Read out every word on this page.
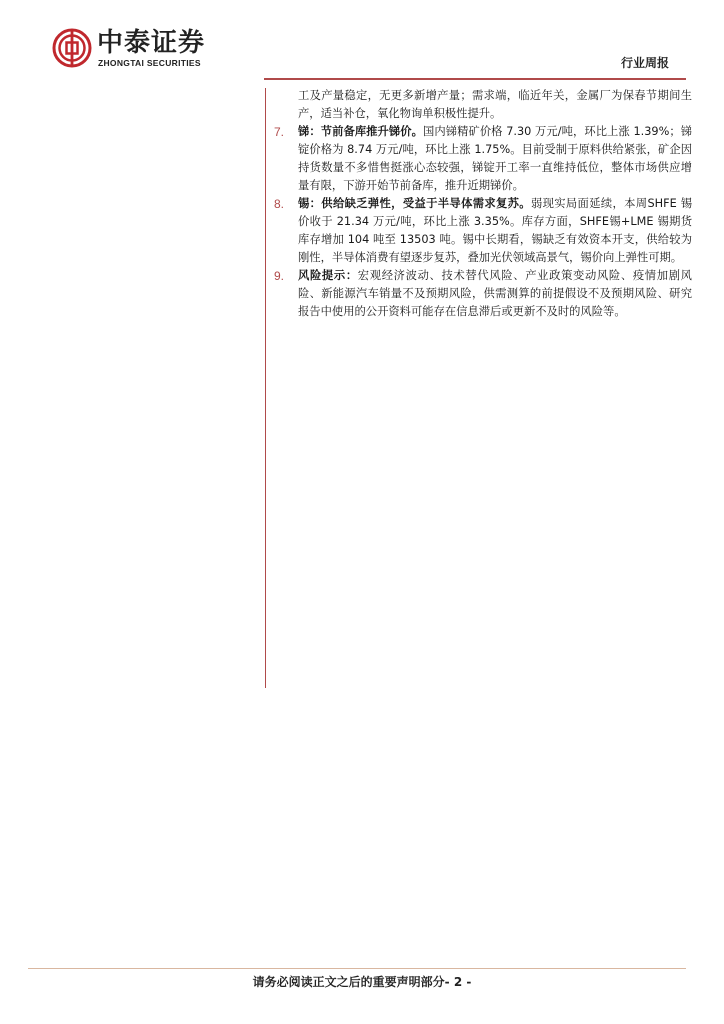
中泰证券
ZHONGTAI SECURITIES	行业周报
工及产量稳定，无更多新增产量；需求端，临近年关，金属厂为保春节期间生产，适当补仓，氧化物询单积极性提升。
7. 锑：节前备库推升锑价。国内锑精矿价格 7.30 万元/吨，环比上涨 1.39%；锑锭价格为 8.74 万元/吨，环比上涨 1.75%。目前受制于原料供给紧张，矿企因持货数量不多惜售挺涨心态较强，锑锭开工率一直维持低位，整体市场供应增量有限，下游开始节前备库，推升近期锑价。
8. 锡：供给缺乏弹性，受益于半导体需求复苏。弱现实局面延续，本周SHFE 锡价收于 21.34 万元/吨，环比上涨 3.35%。库存方面，SHFE锡+LME 锡期货库存增加 104 吨至 13503 吨。锡中长期看，锡缺乏有效资本开支，供给较为刚性，半导体消费有望逐步复苏，叠加光伏领域高景气，锡价向上弹性可期。
9. 风险提示：宏观经济波动、技术替代风险、产业政策变动风险、疫情加剧风险、新能源汽车销量不及预期风险，供需测算的前提假设不及预期风险、研究报告中使用的公开资料可能存在信息滞后或更新不及时的风险等。
请务必阅读正文之后的重要声明部分- 2 -
